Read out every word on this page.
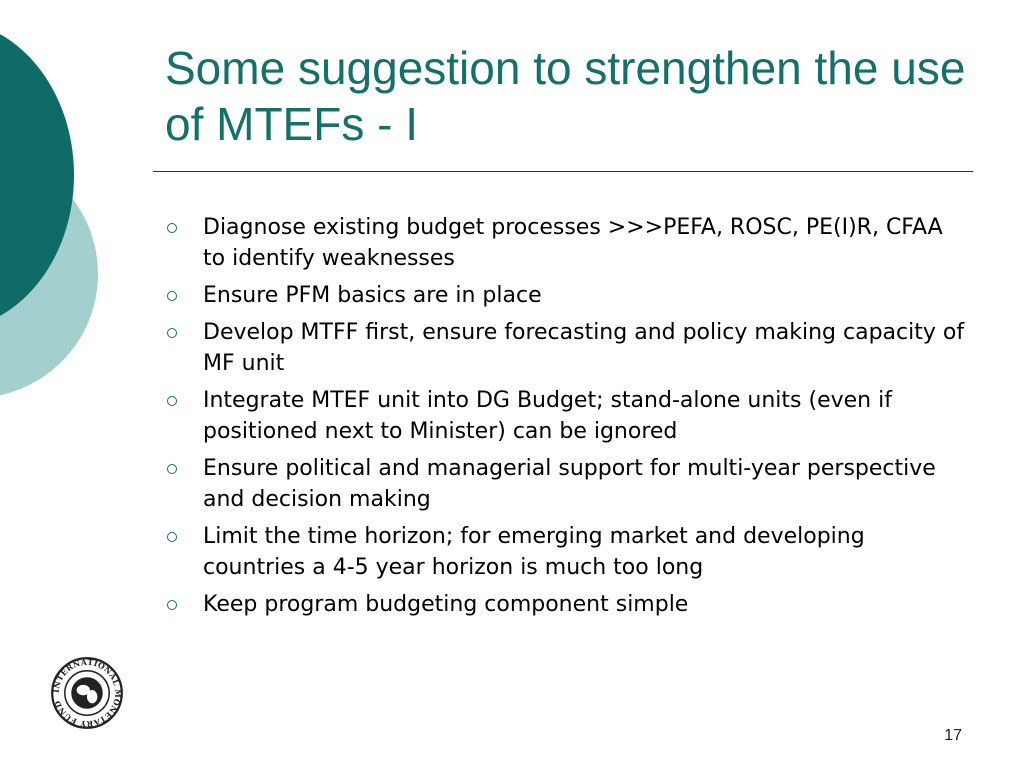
Some suggestion to strengthen the use of MTEFs - I
Diagnose existing budget processes >>>PEFA, ROSC, PE(I)R, CFAA to identify weaknesses
Ensure PFM basics are in place
Develop MTFF first, ensure forecasting and policy making capacity of MF unit
Integrate MTEF unit into DG Budget; stand-alone units (even if positioned next to Minister) can be ignored
Ensure political and managerial support for multi-year perspective and decision making
Limit the time horizon; for emerging market and developing countries a 4-5 year horizon is much too long
Keep program budgeting component simple
INTERNATIONAL MONETARY FUND
17
